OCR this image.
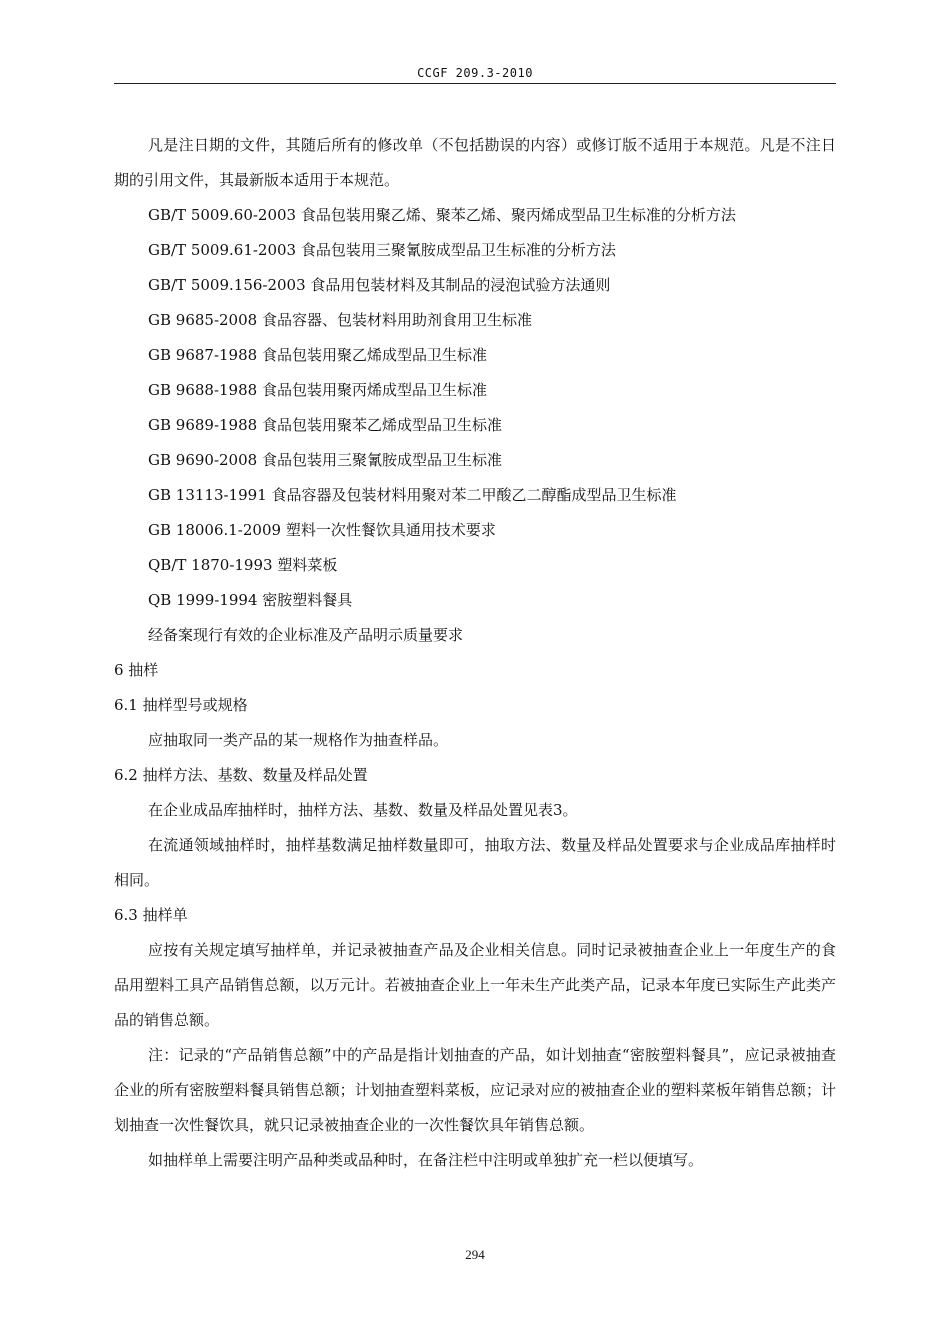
CCGF 209.3-2010

凡是注日期的文件，其随后所有的修改单（不包括勘误的内容）或修订版不适用于本规范。凡是不注日期的引用文件，其最新版本适用于本规范。

GB/T 5009.60-2003 食品包装用聚乙烯、聚苯乙烯、聚丙烯成型品卫生标准的分析方法

GB/T 5009.61-2003 食品包装用三聚氰胺成型品卫生标准的分析方法

GB/T 5009.156-2003 食品用包装材料及其制品的浸泡试验方法通则

GB 9685-2008 食品容器、包装材料用助剂食用卫生标准

GB 9687-1988 食品包装用聚乙烯成型品卫生标准

GB 9688-1988 食品包装用聚丙烯成型品卫生标准

GB 9689-1988 食品包装用聚苯乙烯成型品卫生标准

GB 9690-2008 食品包装用三聚氰胺成型品卫生标准

GB 13113-1991 食品容器及包装材料用聚对苯二甲酸乙二醇酯成型品卫生标准

GB 18006.1-2009 塑料一次性餐饮具通用技术要求

QB/T 1870-1993 塑料菜板

QB 1999-1994 密胺塑料餐具

经备案现行有效的企业标准及产品明示质量要求

6 抽样

6.1 抽样型号或规格

应抽取同一类产品的某一规格作为抽查样品。

6.2 抽样方法、基数、数量及样品处置

在企业成品库抽样时，抽样方法、基数、数量及样品处置见表3。

在流通领域抽样时，抽样基数满足抽样数量即可，抽取方法、数量及样品处置要求与企业成品库抽样时相同。

6.3 抽样单

应按有关规定填写抽样单，并记录被抽查产品及企业相关信息。同时记录被抽查企业上一年度生产的食品用塑料工具产品销售总额，以万元计。若被抽查企业上一年未生产此类产品，记录本年度已实际生产此类产品的销售总额。

注：记录的“产品销售总额”中的产品是指计划抽查的产品，如计划抽查“密胺塑料餐具”，应记录被抽查企业的所有密胺塑料餐具销售总额；计划抽查塑料菜板，应记录对应的被抽查企业的塑料菜板年销售总额；计划抽查一次性餐饮具，就只记录被抽查企业的一次性餐饮具年销售总额。

如抽样单上需要注明产品种类或品种时，在备注栏中注明或单独扩充一栏以便填写。

294
